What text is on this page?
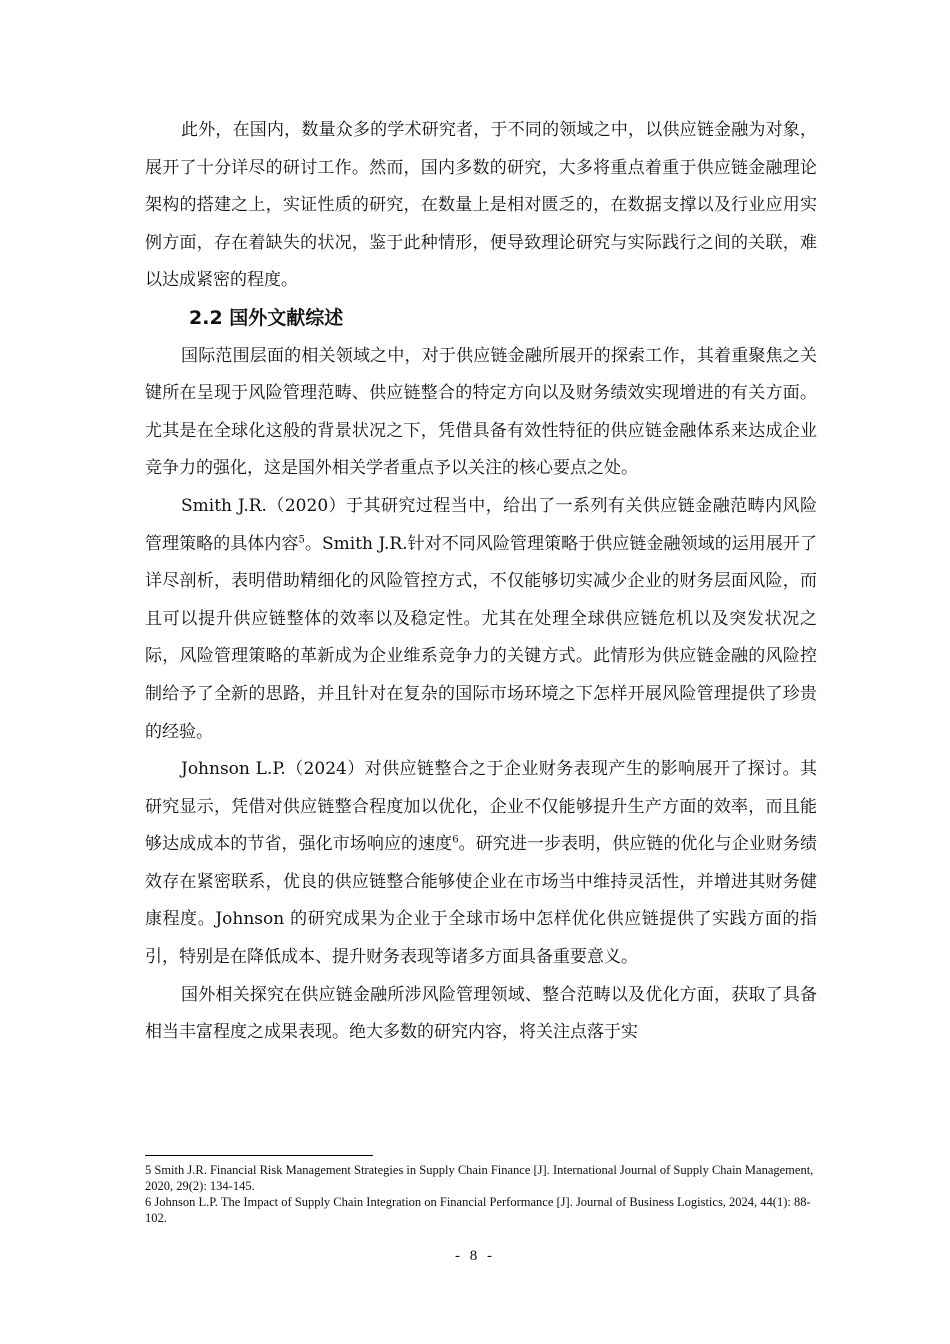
此外，在国内，数量众多的学术研究者，于不同的领域之中，以供应链金融为对象，展开了十分详尽的研讨工作。然而，国内多数的研究，大多将重点着重于供应链金融理论架构的搭建之上，实证性质的研究，在数量上是相对匮乏的，在数据支撑以及行业应用实例方面，存在着缺失的状况，鉴于此种情形，便导致理论研究与实际践行之间的关联，难以达成紧密的程度。

2.2 国外文献综述

国际范围层面的相关领域之中，对于供应链金融所展开的探索工作，其着重聚焦之关键所在呈现于风险管理范畴、供应链整合的特定方向以及财务绩效实现增进的有关方面。尤其是在全球化这般的背景状况之下，凭借具备有效性特征的供应链金融体系来达成企业竞争力的强化，这是国外相关学者重点予以关注的核心要点之处。

Smith J.R.（2020）于其研究过程当中，给出了一系列有关供应链金融范畴内风险管理策略的具体内容$^5$。Smith J.R.针对不同风险管理策略于供应链金融领域的运用展开了详尽剖析，表明借助精细化的风险管控方式，不仅能够切实减少企业的财务层面风险，而且可以提升供应链整体的效率以及稳定性。尤其在处理全球供应链危机以及突发状况之际，风险管理策略的革新成为企业维系竞争力的关键方式。此情形为供应链金融的风险控制给予了全新的思路，并且针对在复杂的国际市场环境之下怎样开展风险管理提供了珍贵的经验。

Johnson L.P.（2024）对供应链整合之于企业财务表现产生的影响展开了探讨。其研究显示，凭借对供应链整合程度加以优化，企业不仅能够提升生产方面的效率，而且能够达成成本的节省，强化市场响应的速度$^6$。研究进一步表明，供应链的优化与企业财务绩效存在紧密联系，优良的供应链整合能够使企业在市场当中维持灵活性，并增进其财务健康程度。Johnson 的研究成果为企业于全球市场中怎样优化供应链提供了实践方面的指引，特别是在降低成本、提升财务表现等诸多方面具备重要意义。

国外相关探究在供应链金融所涉风险管理领域、整合范畴以及优化方面，获取了具备相当丰富程度之成果表现。绝大多数的研究内容，将关注点落于实

5 Smith J.R. Financial Risk Management Strategies in Supply Chain Finance [J]. International Journal of Supply Chain Management, 2020, 29(2): 134-145.

6 Johnson L.P. The Impact of Supply Chain Integration on Financial Performance [J]. Journal of Business Logistics, 2024, 44(1): 88-102.

- 8 -
